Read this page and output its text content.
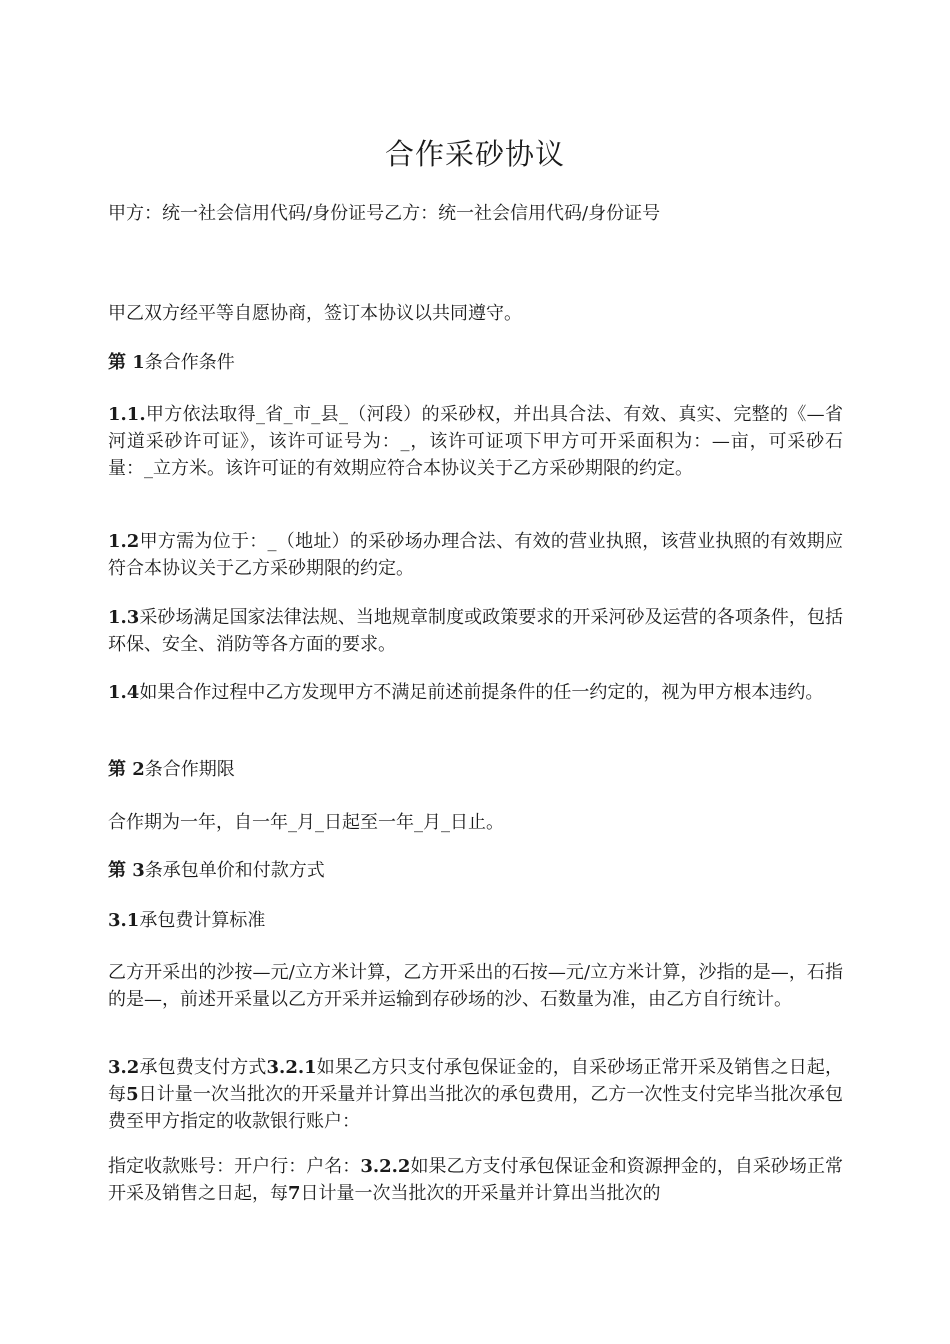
合作采砂协议

甲方：统一社会信用代码/身份证号乙方：统一社会信用代码/身份证号

甲乙双方经平等自愿协商，签订本协议以共同遵守。

第 1条合作条件

1.1.甲方依法取得_省_市_县_（河段）的采砂权，并出具合法、有效、真实、完整的《—省河道采砂许可证》，该许可证号为：_，该许可证项下甲方可开采面积为：—亩，可采砂石量：_立方米。该许可证的有效期应符合本协议关于乙方采砂期限的约定。

1.2甲方需为位于：_（地址）的采砂场办理合法、有效的营业执照，该营业执照的有效期应符合本协议关于乙方采砂期限的约定。

1.3采砂场满足国家法律法规、当地规章制度或政策要求的开采河砂及运营的各项条件，包括环保、安全、消防等各方面的要求。

1.4如果合作过程中乙方发现甲方不满足前述前提条件的任一约定的，视为甲方根本违约。

第 2条合作期限

合作期为一年，自一年_月_日起至一年_月_日止。

第 3条承包单价和付款方式

3.1承包费计算标准

乙方开采出的沙按—元/立方米计算，乙方开采出的石按—元/立方米计算，沙指的是—，石指的是—，前述开采量以乙方开采并运输到存砂场的沙、石数量为准，由乙方自行统计。

3.2承包费支付方式3.2.1如果乙方只支付承包保证金的，自采砂场正常开采及销售之日起，每5日计量一次当批次的开采量并计算出当批次的承包费用，乙方一次性支付完毕当批次承包费至甲方指定的收款银行账户：

指定收款账号：开户行：户名：3.2.2如果乙方支付承包保证金和资源押金的，自采砂场正常开采及销售之日起，每7日计量一次当批次的开采量并计算出当批次的
